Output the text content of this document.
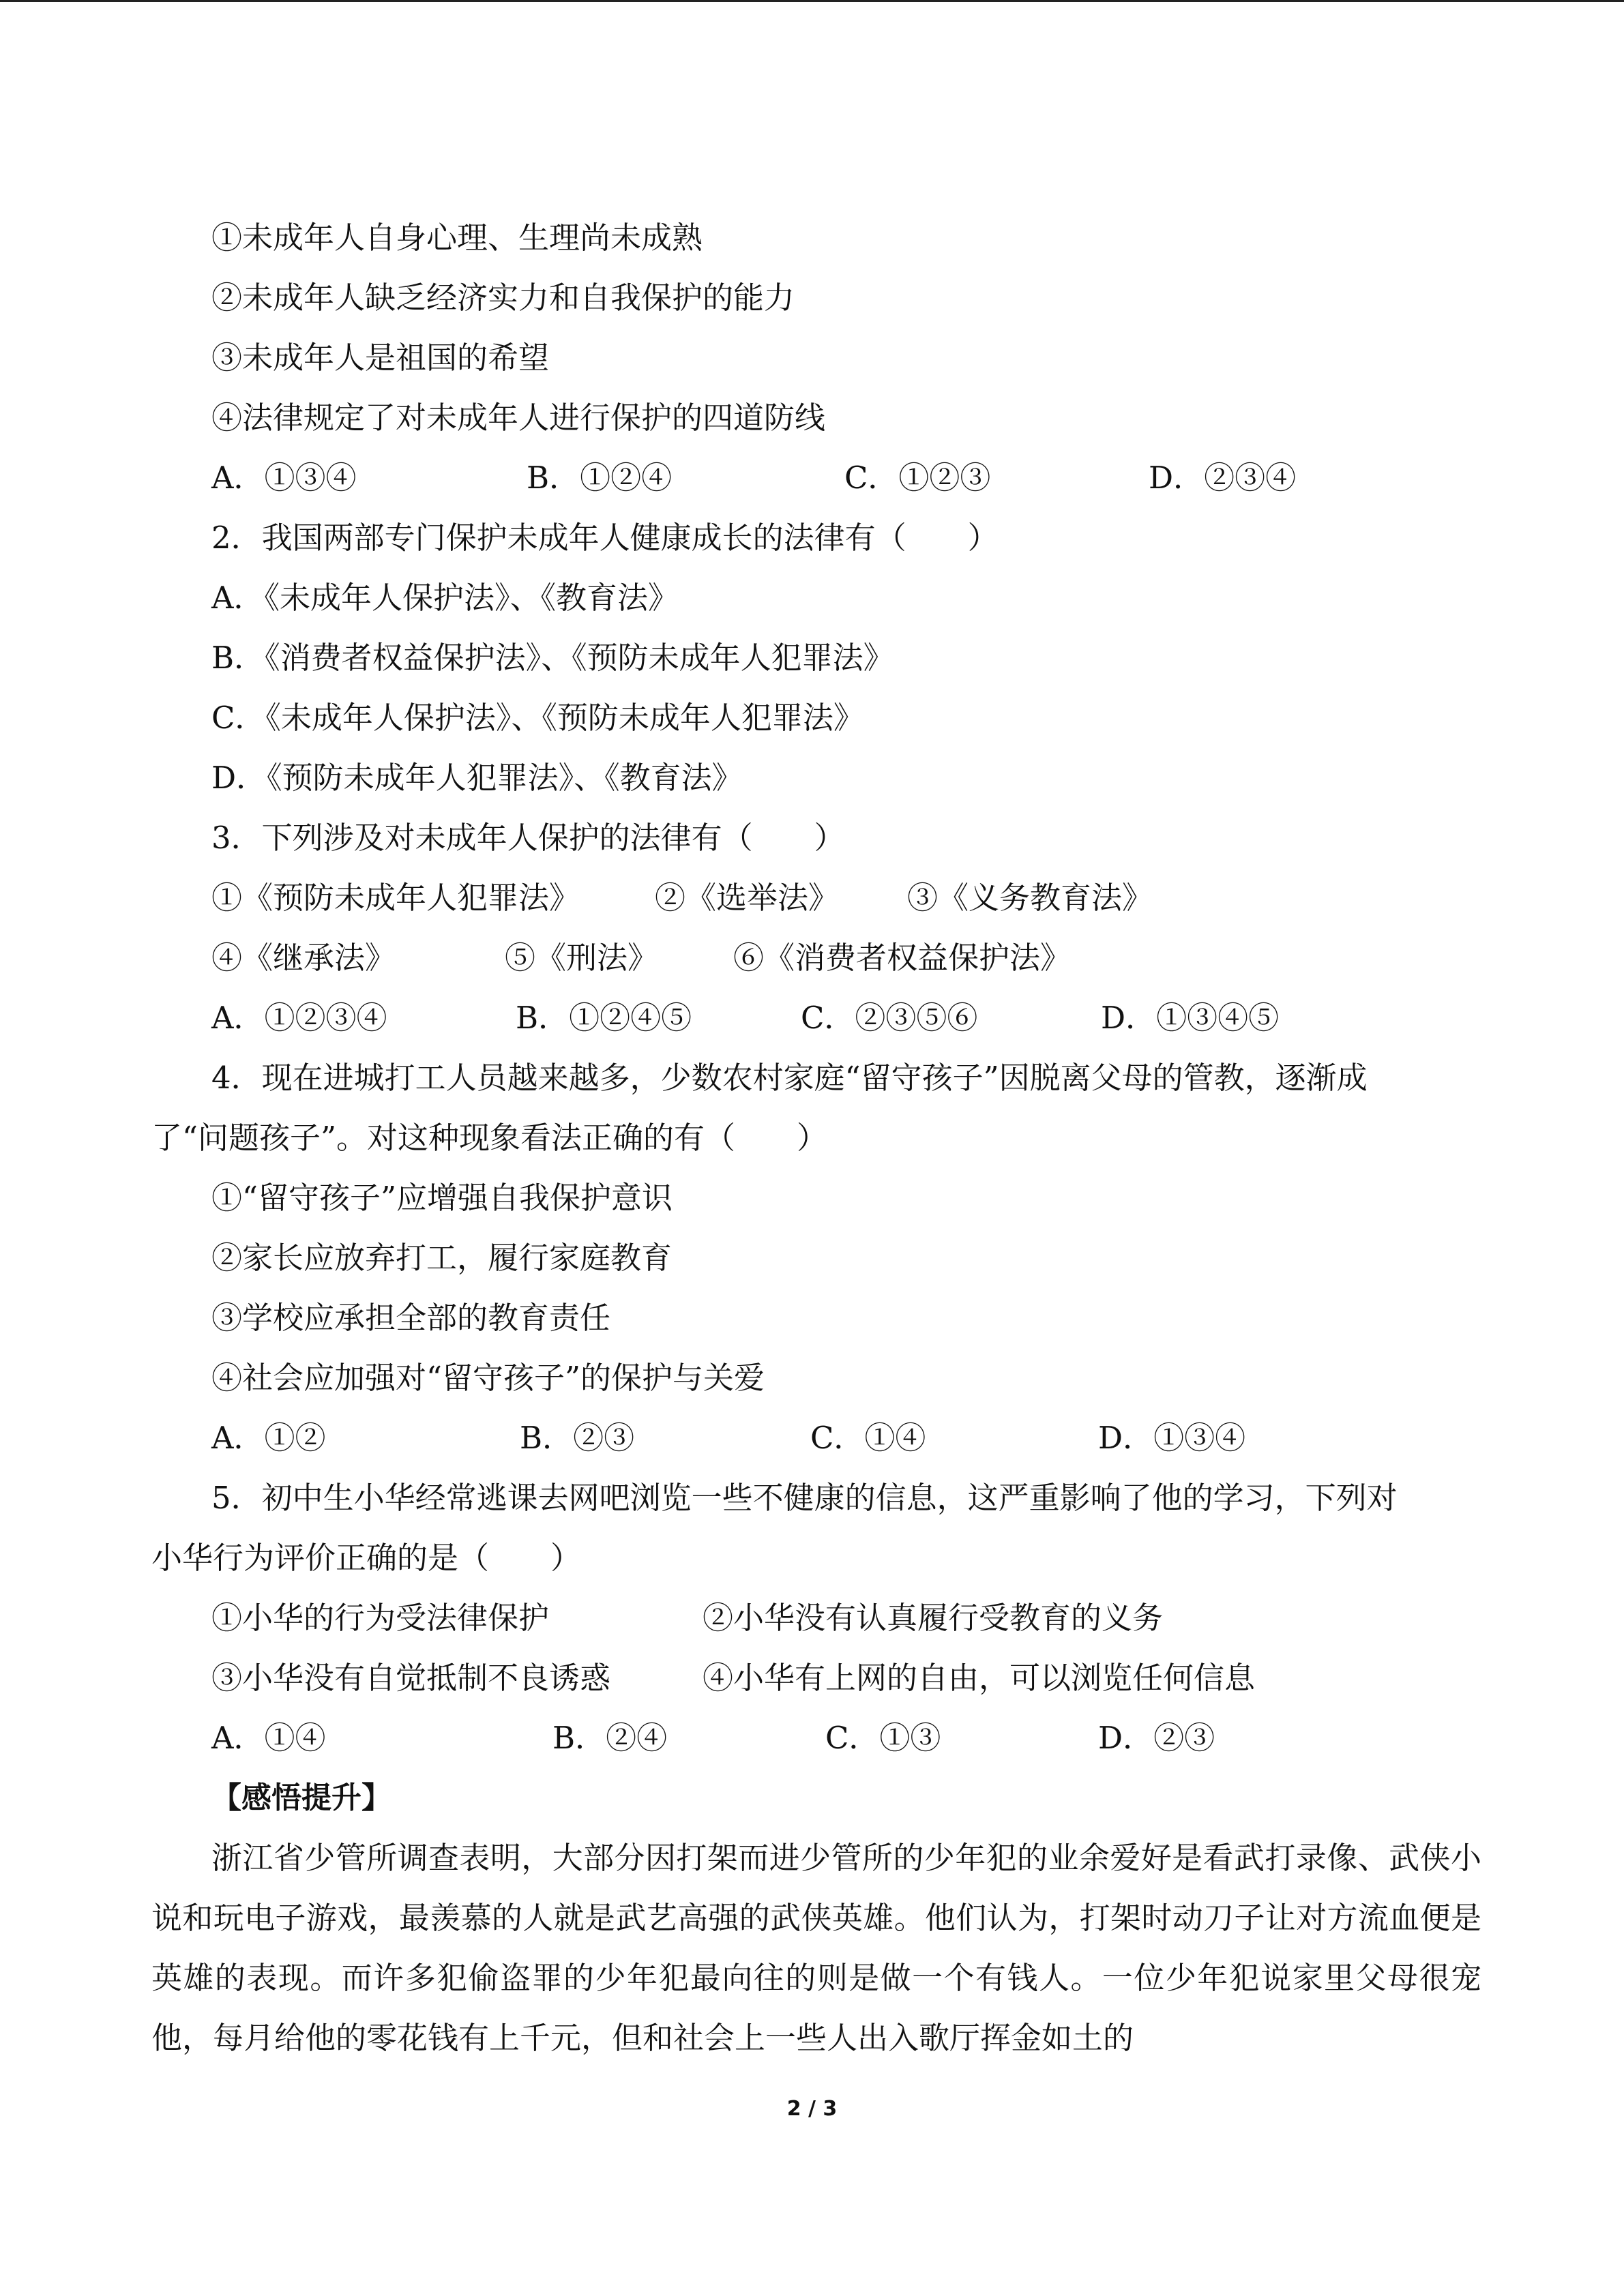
①未成年人自身心理、生理尚未成熟
②未成年人缺乏经济实力和自我保护的能力
③未成年人是祖国的希望
④法律规定了对未成年人进行保护的四道防线
A．①③④	B．①②④	C．①②③	D．②③④
2．我国两部专门保护未成年人健康成长的法律有（　　）
A．《未成年人保护法》、《教育法》
B．《消费者权益保护法》、《预防未成年人犯罪法》
C．《未成年人保护法》、《预防未成年人犯罪法》
D．《预防未成年人犯罪法》、《教育法》
3．下列涉及对未成年人保护的法律有（　　）
①《预防未成年人犯罪法》	②《选举法》	③《义务教育法》
④《继承法》	⑤《刑法》	⑥《消费者权益保护法》
A．①②③④	B．①②④⑤	C．②③⑤⑥	D．①③④⑤
4．现在进城打工人员越来越多，少数农村家庭“留守孩子”因脱离父母的管教，逐渐成
了“问题孩子”。对这种现象看法正确的有（　　）
①“留守孩子”应增强自我保护意识
②家长应放弃打工，履行家庭教育
③学校应承担全部的教育责任
④社会应加强对“留守孩子”的保护与关爱
A．①②	B．②③	C．①④	D．①③④
5．初中生小华经常逃课去网吧浏览一些不健康的信息，这严重影响了他的学习，下列对
小华行为评价正确的是（　　）
①小华的行为受法律保护	②小华没有认真履行受教育的义务
③小华没有自觉抵制不良诱惑	④小华有上网的自由，可以浏览任何信息
A．①④	B．②④	C．①③	D．②③
【感悟提升】
浙江省少管所调查表明，大部分因打架而进少管所的少年犯的业余爱好是看武打录像、武侠小说和玩电子游戏，最羡慕的人就是武艺高强的武侠英雄。他们认为，打架时动刀子让对方流血便是英雄的表现。而许多犯偷盗罪的少年犯最向往的则是做一个有钱人。一位少年犯说家里父母很宠他，每月给他的零花钱有上千元，但和社会上一些人出入歌厅挥金如土的
2 / 3
